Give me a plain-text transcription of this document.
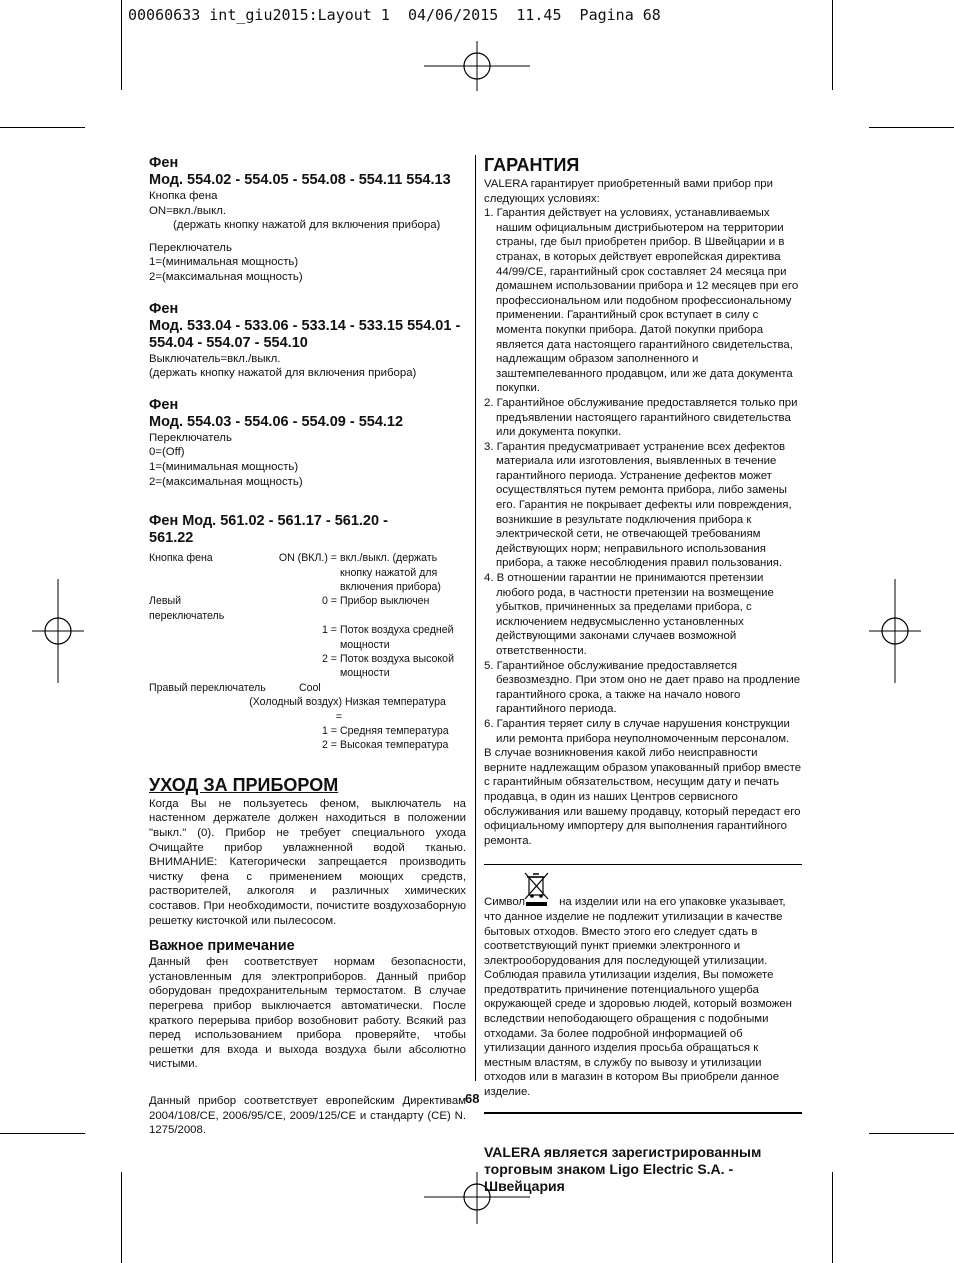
00060633 int_giu2015:Layout 1  04/06/2015  11.45  Pagina 68

Фен

Мод. 554.02 - 554.05 - 554.08 - 554.11 554.13

Кнопка фена
ON=вкл./выкл.
(держать кнопку нажатой для включения прибора)
Переключатель
1=(минимальная мощность)
2=(максимальная мощность)

Фен

Мод. 533.04 - 533.06 - 533.14 - 533.15 554.01 - 554.04 - 554.07 - 554.10

Выключатель=вкл./выкл.
(держать кнопку нажатой для включения прибора)

Фен

Мод. 554.03 - 554.06 - 554.09 - 554.12

Переключатель
0=(Off)
1=(минимальная мощность)
2=(максимальная мощность)

Фен Мод. 561.02 - 561.17 - 561.20 - 561.22

Кнопка фена	ON (ВКЛ.) = вкл./выкл. (держать кнопку нажатой для включения прибора)
Левый переключатель
0 = Прибор выключен
1 = Поток воздуха средней мощности
2 = Поток воздуха высокой мощности
Правый переключатель	Cool
(Холодный воздух) =
Низкая температура
1 = Средняя температура
2 = Высокая температура

УХОД ЗА ПРИБОРОМ

Когда Вы не пользуетесь феном, выключатель на настенном держателе должен находиться в положении "выкл." (0). Прибор не требует специального ухода Очищайте прибор увлажненной водой тканью. ВНИМАНИЕ: Категорически запрещается производить чистку фена с применением моющих средств, растворителей, алкоголя и различных химических составов. При необходимости, почистите воздухозаборную решетку кисточкой или пылесосом.

Важное примечание

Данный фен соответствует нормам безопасности, установленным для электроприборов. Данный прибор оборудован предохранительным термостатом. В случае перегрева прибор выключается автоматически. После краткого перерыва прибор возобновит работу. Всякий раз перед использованием прибора проверяйте, чтобы решетки для входа и выхода воздуха были абсолютно чистыми.
Данный прибор соответствует европейским Директивам 2004/108/CE, 2006/95/CE, 2009/125/CE и стандарту (CE) N. 1275/2008.

ГАРАНТИЯ

VALERA гарантирует приобретенный вами прибор при следующих условиях:
1. Гарантия действует на условиях, устанавливаемых нашим официальным дистрибьютером на территории страны, где был приобретен прибор. В Швейцарии и в странах, в которых действует европейская директива 44/99/CE, гарантийный срок составляет 24 месяца при домашнем использовании прибора и 12 месяцев при его профессиональном или подобном профессиональному применении. Гарантийный срок вступает в силу с момента покупки прибора. Датой покупки прибора является дата настоящего гарантийного свидетельства, надлежащим образом заполненного и заштемпелеванного продавцом, или же дата документа покупки.
2. Гарантийное обслуживание предоставляется только при предъявлении настоящего гарантийного свидетельства или документа покупки.
3. Гарантия предусматривает устранение всех дефектов материала или изготовления, выявленных в течение гарантийного периода. Устранение дефектов может осуществляться путем ремонта прибора, либо замены его. Гарантия не покрывает дефекты или повреждения, возникшие в результате подключения прибора к электрической сети, не отвечающей требованиям действующих норм; неправильного использования прибора, а также несоблюдения правил пользования.
4. В отношении гарантии не принимаются претензии любого рода, в частности претензии на возмещение убытков, причиненных за пределами прибора, с исключением недвусмысленно установленных действующими законами случаев возможной ответственности.
5. Гарантийное обслуживание предоставляется безвозмездно. При этом оно не дает право на продление гарантийного срока, а также на начало нового гарантийного периода.
6. Гарантия теряет силу в случае нарушения конструкции или ремонта прибора неуполномоченным персоналом.
В случае возникновения какой либо неисправности верните надлежащим образом упакованный прибор вместе с гарантийным обязательством, несущим дату и печать продавца, в один из наших Центров сервисного обслуживания или вашему продавцу, который передаст его официальному импортеру для выполнения гарантийного ремонта.
Символ	на изделии или на его упаковке указывает, что данное изделие не подлежит утилизации в качестве бытовых отходов. Вместо этого его следует сдать в соответствующий пункт приемки электронного и электрооборудования для последующей утилизации. Соблюдая правила утилизации изделия, Вы поможете предотвратить причинение потенциального ущерба окружающей среде и здоровью людей, который возможен вследствии непободающего обращения с подобными отходами. За более подробной информацией об утилизации данного изделия просьба обращаться к местным властям, в службу по вывозу и утилизации отходов или в магазин в котором Вы приобрели данное изделие.
VALERA является зарегистрированным торговым знаком Ligo Electric S.A. - Швейцария
68
